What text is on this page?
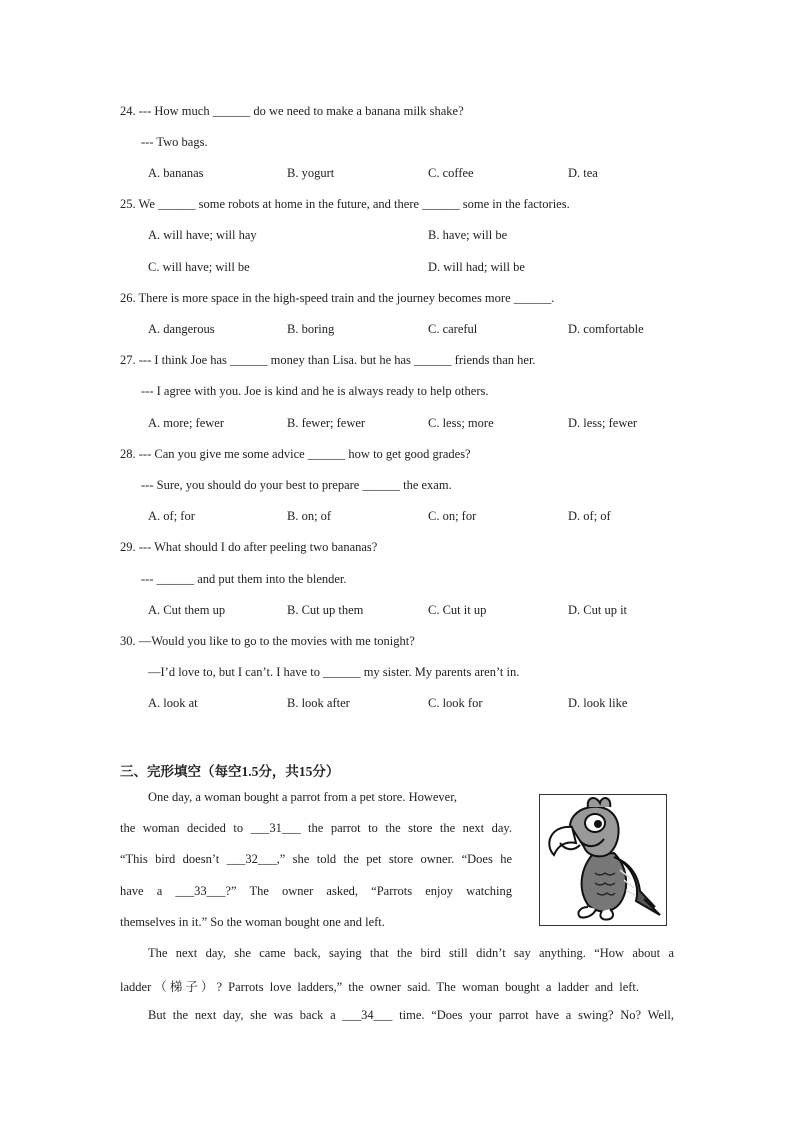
24. --- How much ______ do we need to make a banana milk shake?
--- Two bags.
A. bananas	B. yogurt	C. coffee	D. tea
25. We ______ some robots at home in the future, and there ______ some in the factories.
A. will have; will hay	B. have; will be
C. will have; will be	D. will had; will be
26. There is more space in the high-speed train and the journey becomes more ______.
A. dangerous	B. boring	C. careful	D. comfortable
27. --- I think Joe has ______ money than Lisa. but he has ______ friends than her.
--- I agree with you. Joe is kind and he is always ready to help others.
A. more; fewer	B. fewer; fewer	C. less; more	D. less; fewer
28. --- Can you give me some advice ______ how to get good grades?
--- Sure, you should do your best to prepare ______ the exam.
A. of; for	B. on; of	C. on; for	D. of; of
29. --- What should I do after peeling two bananas?
--- ______ and put them into the blender.
A. Cut them up	B. Cut up them	C. Cut it up	D. Cut up it
30. —Would you like to go to the movies with me tonight?
—I’d love to, but I can’t. I have to ______ my sister. My parents aren’t in.
A. look at	B. look after	C. look for	D. look like
三、完形填空（每空1.5分，共15分）
One day, a woman bought a parrot from a pet store. However,
the woman decided to ___31___ the parrot to the store the next day.
“This bird doesn’t ___32___,” she told the pet store owner. “Does he
have a ___33___?” The owner asked, “Parrots enjoy watching
themselves in it.” So the woman bought one and left.
The next day, she came back, saying that the bird still didn’t say anything. “How about a
ladder（梯子）? Parrots love ladders,” the owner said. The woman bought a ladder and left.
But the next day, she was back a ___34___ time. “Does your parrot have a swing? No? Well,
